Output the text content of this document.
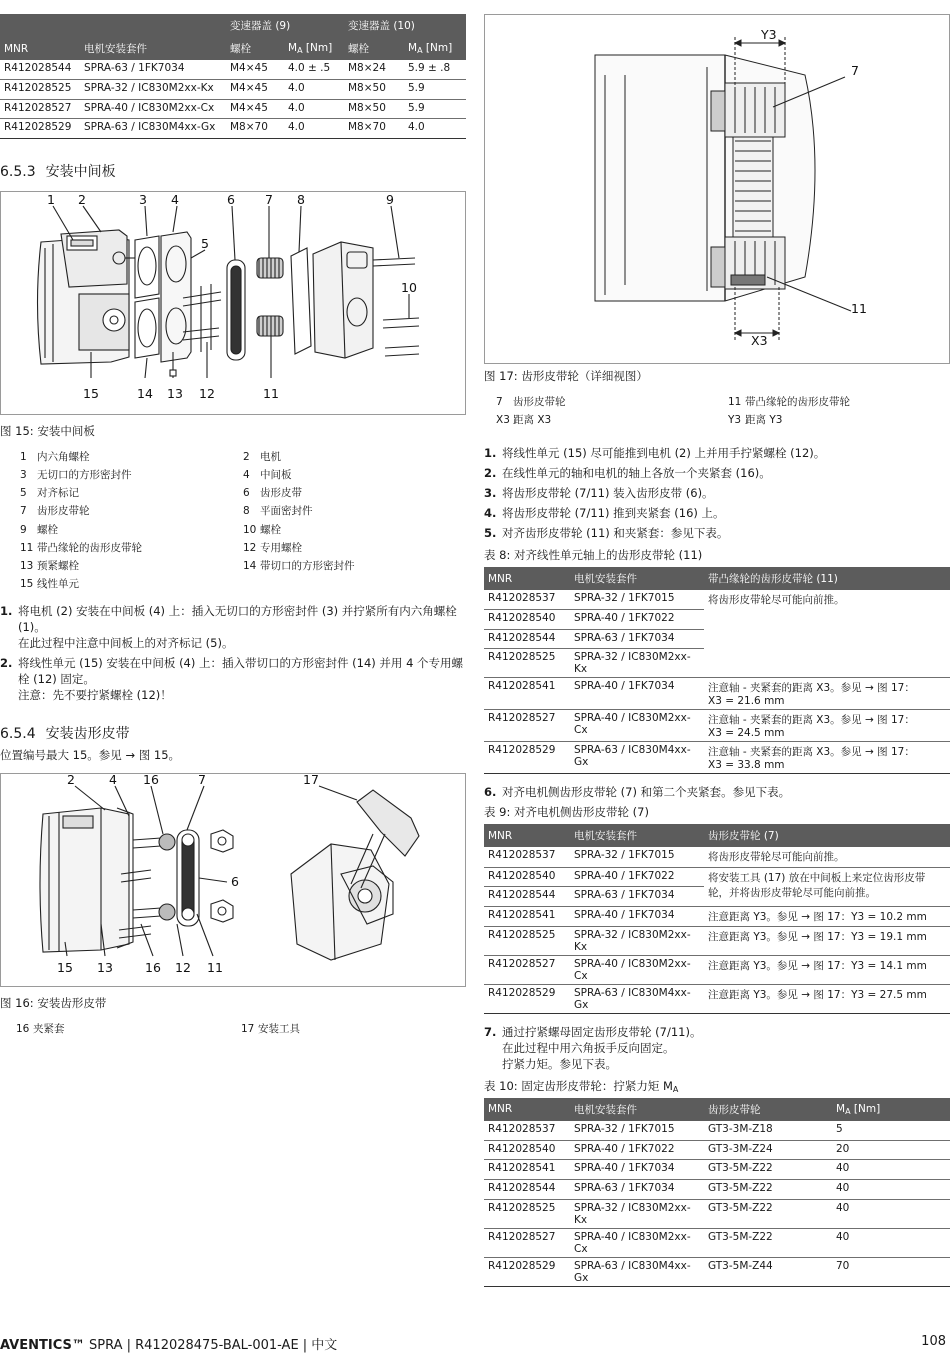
		变速器盖 (9)		变速器盖 (10)	
MNR	电机安装套件	螺栓	$M_A$ [Nm]	螺栓	$M_A$ [Nm]
R412028544	SPRA-63 / 1FK7034	M4×45	4.0 ± .5	M8×24	5.9 ± .8
R412028525	SPRA-32 / IC830M2xx-Kx	M4×45	4.0	M8×50	5.9
R412028527	SPRA-40 / IC830M2xx-Cx	M4×45	4.0	M8×50	5.9
R412028529	SPRA-63 / IC830M4xx-Gx	M8×70	4.0	M8×70	4.0
6.5.3 安装中间板
1 2	3 4
5
6 7 8	9
10
15	14 13 12	11
图 15: 安装中间板
1 内六角螺栓	2 电机
3 无切口的方形密封件	4 中间板
5 对齐标记	6 齿形皮带
7 齿形皮带轮	8 平面密封件
9 螺栓	10 螺栓
11 带凸缘轮的齿形皮带轮	12 专用螺栓
13 预紧螺栓	14 带切口的方形密封件
15 线性单元
1. 将电机 (2) 安装在中间板 (4) 上：插入无切口的方形密封件 (3) 并拧紧所有内六角螺栓 (1)。
在此过程中注意中间板上的对齐标记 (5)。
2. 将线性单元 (15) 安装在中间板 (4) 上：插入带切口的方形密封件 (14) 并用 4 个专用螺栓 (12) 固定。
注意：先不要拧紧螺栓 (12)！
6.5.4 安装齿形皮带
位置编号最大 15。参见 → 图 15。
2	4 16	7	17
6
15 13	16 12 11
图 16: 安装齿形皮带
16 夹紧套	17 安装工具
Y3
7
11
X3
图 17: 齿形皮带轮（详细视图）
7 齿形皮带轮	11 带凸缘轮的齿形皮带轮
X3 距离 X3	Y3 距离 Y3
1. 将线性单元 (15) 尽可能推到电机 (2) 上并用手拧紧螺栓 (12)。
2. 在线性单元的轴和电机的轴上各放一个夹紧套 (16)。
3. 将齿形皮带轮 (7/11) 装入齿形皮带 (6)。
4. 将齿形皮带轮 (7/11) 推到夹紧套 (16) 上。
5. 对齐齿形皮带轮 (11) 和夹紧套：参见下表。
表 8: 对齐线性单元轴上的齿形皮带轮 (11)
MNR	电机安装套件	带凸缘轮的齿形皮带轮 (11)
R412028537	SPRA-32 / 1FK7015	将齿形皮带轮尽可能向前推。
R412028540	SPRA-40 / 1FK7022	
R412028544	SPRA-63 / 1FK7034	
R412028525	SPRA-32 / IC830M2xx-Kx	
R412028541	SPRA-40 / 1FK7034	注意轴 - 夹紧套的距离 X3。参见 → 图 17：
X3 = 21.6 mm

R412028527	SPRA-40 / IC830M2xx-Cx	注意轴 - 夹紧套的距离 X3。参见 → 图 17：
X3 = 24.5 mm

R412028529	SPRA-63 / IC830M4xx-Gx	注意轴 - 夹紧套的距离 X3。参见 → 图 17：
X3 = 33.8 mm
6. 对齐电机侧齿形皮带轮 (7) 和第二个夹紧套。参见下表。
表 9: 对齐电机侧齿形皮带轮 (7)
MNR	电机安装套件	齿形皮带轮 (7)
R412028537	SPRA-32 / 1FK7015	将齿形皮带轮尽可能向前推。
R412028540	SPRA-40 / 1FK7022	将安装工具 (17) 放在中间板上来定位齿形皮带
轮，并将齿形皮带轮尽可能向前推。

R412028544	SPRA-63 / 1FK7034	
R412028541	SPRA-40 / 1FK7034	注意距离 Y3。参见 → 图 17：Y3 = 10.2 mm
R412028525	SPRA-32 / IC830M2xx-Kx	注意距离 Y3。参见 → 图 17：Y3 = 19.1 mm
R412028527	SPRA-40 / IC830M2xx-Cx	注意距离 Y3。参见 → 图 17：Y3 = 14.1 mm
R412028529	SPRA-63 / IC830M4xx-Gx	注意距离 Y3。参见 → 图 17：Y3 = 27.5 mm
7. 通过拧紧螺母固定齿形皮带轮 (7/11)。
在此过程中用六角扳手反向固定。
拧紧力矩。参见下表。
表 10: 固定齿形皮带轮：拧紧力矩 $M_A$
MNR	电机安装套件	齿形皮带轮	$M_A$ [Nm]
R412028537	SPRA-32 / 1FK7015	GT3-3M-Z18	5
R412028540	SPRA-40 / 1FK7022	GT3-3M-Z24	20
R412028541	SPRA-40 / 1FK7034	GT3-5M-Z22	40
R412028544	SPRA-63 / 1FK7034	GT3-5M-Z22	40
R412028525	SPRA-32 / IC830M2xx-Kx	GT3-5M-Z22	40
R412028527	SPRA-40 / IC830M2xx-Cx	GT3-5M-Z22	40
R412028529	SPRA-63 / IC830M4xx-Gx	GT3-5M-Z44	70
AVENTICS™ SPRA | R412028475-BAL-001-AE | 中文	108
